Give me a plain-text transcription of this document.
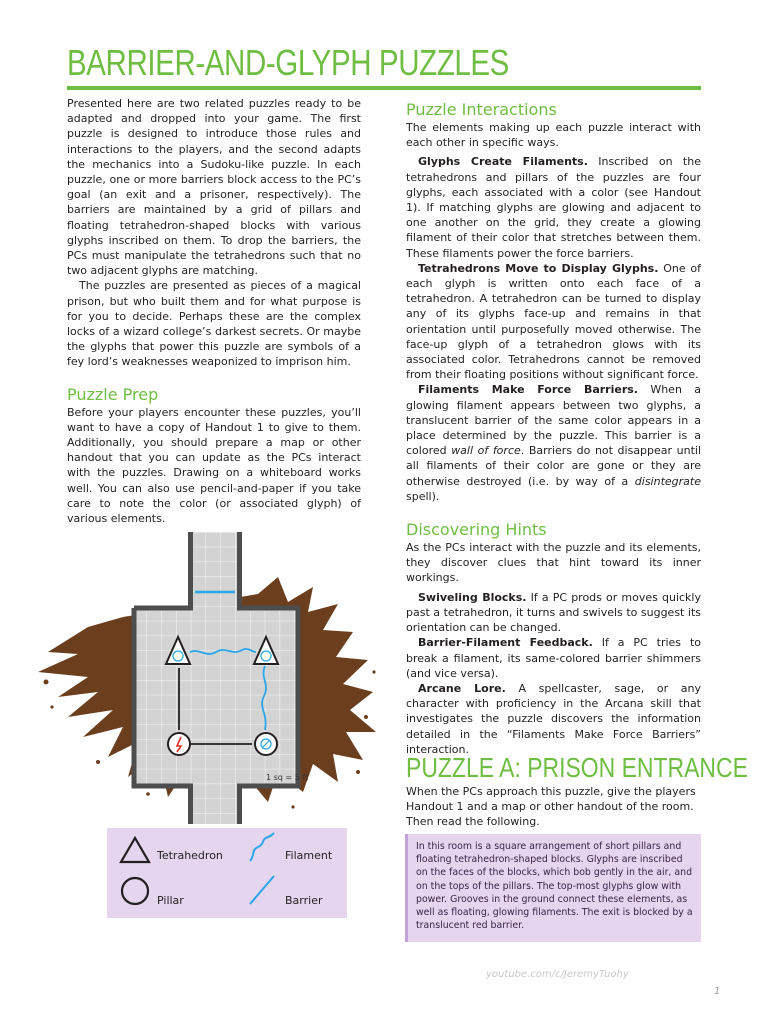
BARRIER-AND-GLYPH PUZZLES

Presented here are two related puzzles ready to be adapted and dropped into your game. The first puzzle is designed to introduce those rules and interactions to the players, and the second adapts the mechanics into a Sudoku-like puzzle. In each puzzle, one or more barriers block access to the PC’s goal (an exit and a prisoner, respectively). The barriers are maintained by a grid of pillars and floating tetrahedron-shaped blocks with various glyphs inscribed on them. To drop the barriers, the PCs must manipulate the tetrahedrons such that no two adjacent glyphs are matching.

The puzzles are presented as pieces of a magical prison, but who built them and for what purpose is for you to decide. Perhaps these are the complex locks of a wizard college’s darkest secrets. Or maybe the glyphs that power this puzzle are symbols of a fey lord’s weaknesses weaponized to imprison him.

Puzzle Prep

Before your players encounter these puzzles, you’ll want to have a copy of Handout 1 to give to them. Additionally, you should prepare a map or other handout that you can update as the PCs interact with the puzzles. Drawing on a whiteboard works well. You can also use pencil-and-paper if you take care to note the color (or associated glyph) of various elements.

1 sq = 5 ft
Tetrahedron	Filament
Pillar	Barrier
Puzzle Interactions

The elements making up each puzzle interact with each other in specific ways.

Glyphs Create Filaments. Inscribed on the tetrahedrons and pillars of the puzzles are four glyphs, each associated with a color (see Handout 1). If matching glyphs are glowing and adjacent to one another on the grid, they create a glowing filament of their color that stretches between them. These filaments power the force barriers.

Tetrahedrons Move to Display Glyphs. One of each glyph is written onto each face of a tetrahedron. A tetrahedron can be turned to display any of its glyphs face-up and remains in that orientation until purposefully moved otherwise. The face-up glyph of a tetrahedron glows with its associated color. Tetrahedrons cannot be removed from their floating positions without significant force.

Filaments Make Force Barriers. When a glowing filament appears between two glyphs, a translucent barrier of the same color appears in a place determined by the puzzle. This barrier is a colored wall of force. Barriers do not disappear until all filaments of their color are gone or they are otherwise destroyed (i.e. by way of a disintegrate spell).

Discovering Hints

As the PCs interact with the puzzle and its elements, they discover clues that hint toward its inner workings.

Swiveling Blocks. If a PC prods or moves quickly past a tetrahedron, it turns and swivels to suggest its orientation can be changed.

Barrier-Filament Feedback. If a PC tries to break a filament, its same-colored barrier shimmers (and vice versa).

Arcane Lore. A spellcaster, sage, or any character with proficiency in the Arcana skill that investigates the puzzle discovers the information detailed in the “Filaments Make Force Barriers” interaction.

PUZZLE A: PRISON ENTRANCE

When the PCs approach this puzzle, give the players Handout 1 and a map or other handout of the room. Then read the following.

In this room is a square arrangement of short pillars and floating tetrahedron-shaped blocks. Glyphs are inscribed on the faces of the blocks, which bob gently in the air, and on the tops of the pillars. The top-most glyphs glow with power. Grooves in the ground connect these elements, as well as floating, glowing filaments. The exit is blocked by a translucent red barrier.
youtube.com/c/JeremyTuohy
1
